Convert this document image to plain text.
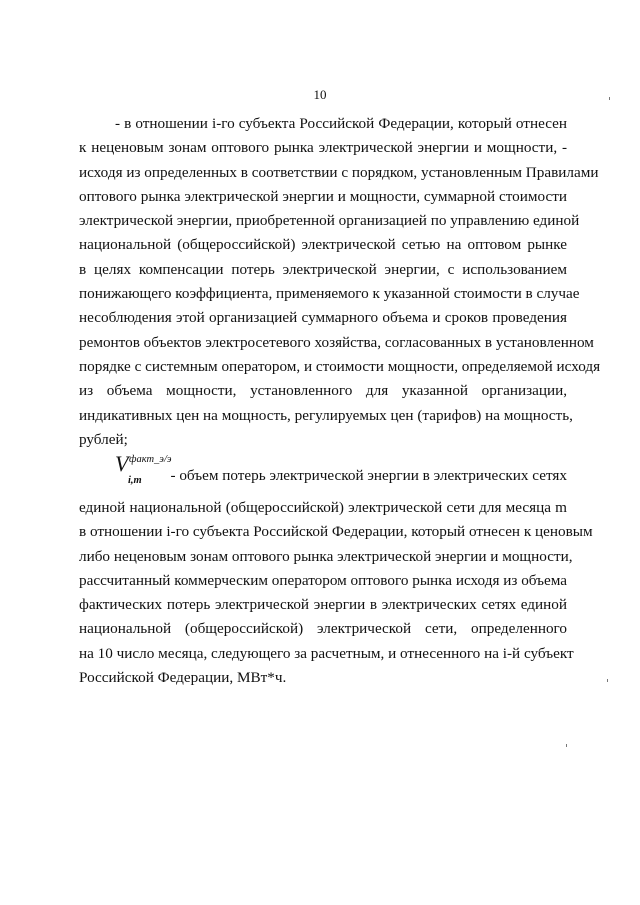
10
- в отношении i-го субъекта Российской Федерации, который отнесен
к неценовым зонам оптового рынка электрической энергии и мощности, -
исходя из определенных в соответствии с порядком, установленным Правилами
оптового рынка электрической энергии и мощности, суммарной стоимости
электрической энергии, приобретенной организацией по управлению единой
национальной (общероссийской) электрической сетью на оптовом рынке
в целях компенсации потерь электрической энергии, с использованием
понижающего коэффициента, применяемого к указанной стоимости в случае
несоблюдения этой организацией суммарного объема и сроков проведения
ремонтов объектов электросетевого хозяйства, согласованных в установленном
порядке с системным оператором, и стоимости мощности, определяемой исходя
из объема мощности, установленного для указанной организации,
индикативных цен на мощность, регулируемых цен (тарифов) на мощность,
рублей;
V факт_э/э
i,m - объем потерь электрической энергии в электрических сетях
единой национальной (общероссийской) электрической сети для месяца m
в отношении i-го субъекта Российской Федерации, который отнесен к ценовым
либо неценовым зонам оптового рынка электрической энергии и мощности,
рассчитанный коммерческим оператором оптового рынка исходя из объема
фактических потерь электрической энергии в электрических сетях единой
национальной (общероссийской) электрической сети, определенного
на 10 число месяца, следующего за расчетным, и отнесенного на i-й субъект
Российской Федерации, МВт*ч.
